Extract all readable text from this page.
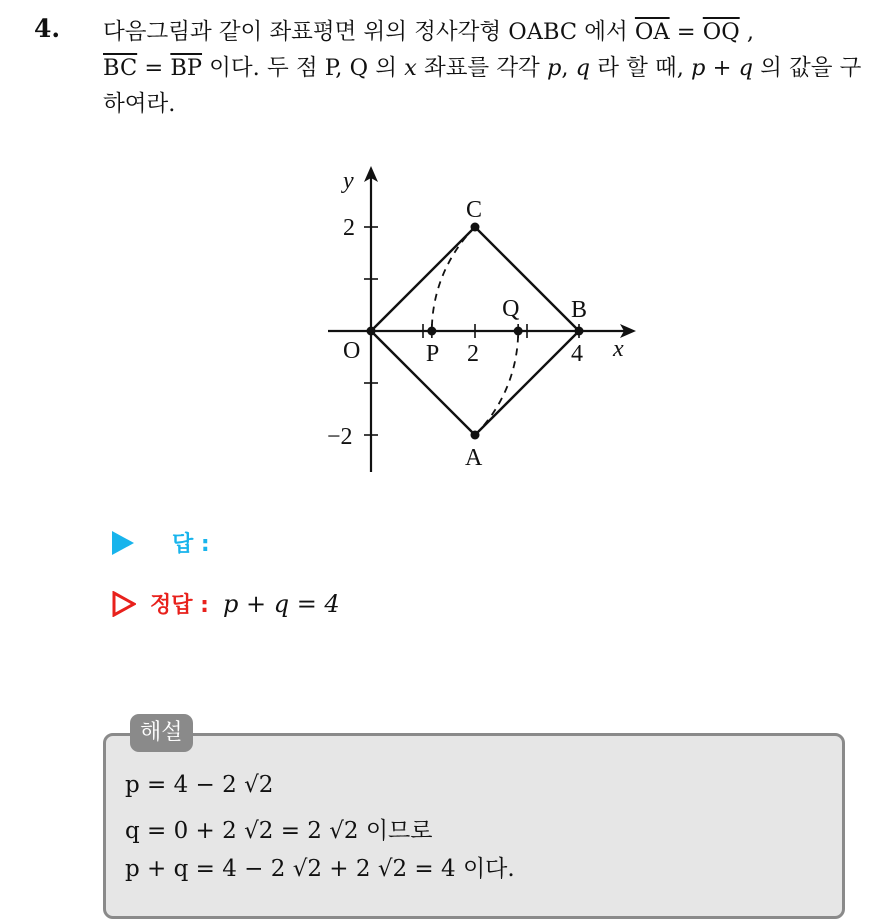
4. 다음그림과 같이 좌표평면 위의 정사각형 OABC 에서 $\overline{OA} = \overline{OQ}$ ,
$\overline{BC} = \overline{BP}$ 이다. 두 점 P, Q 의 x 좌표를 각각 p, q 라 할 때, p + q 의 값을 구하여라.
y
x
O	2	4
2
−2
C
B
A
P
Q
답 :
정답 : p + q = 4
해설
p = 4 − 2 √2
q = 0 + 2 √2 = 2 √2 이므로
p + q = 4 − 2 √2 + 2 √2 = 4 이다.
